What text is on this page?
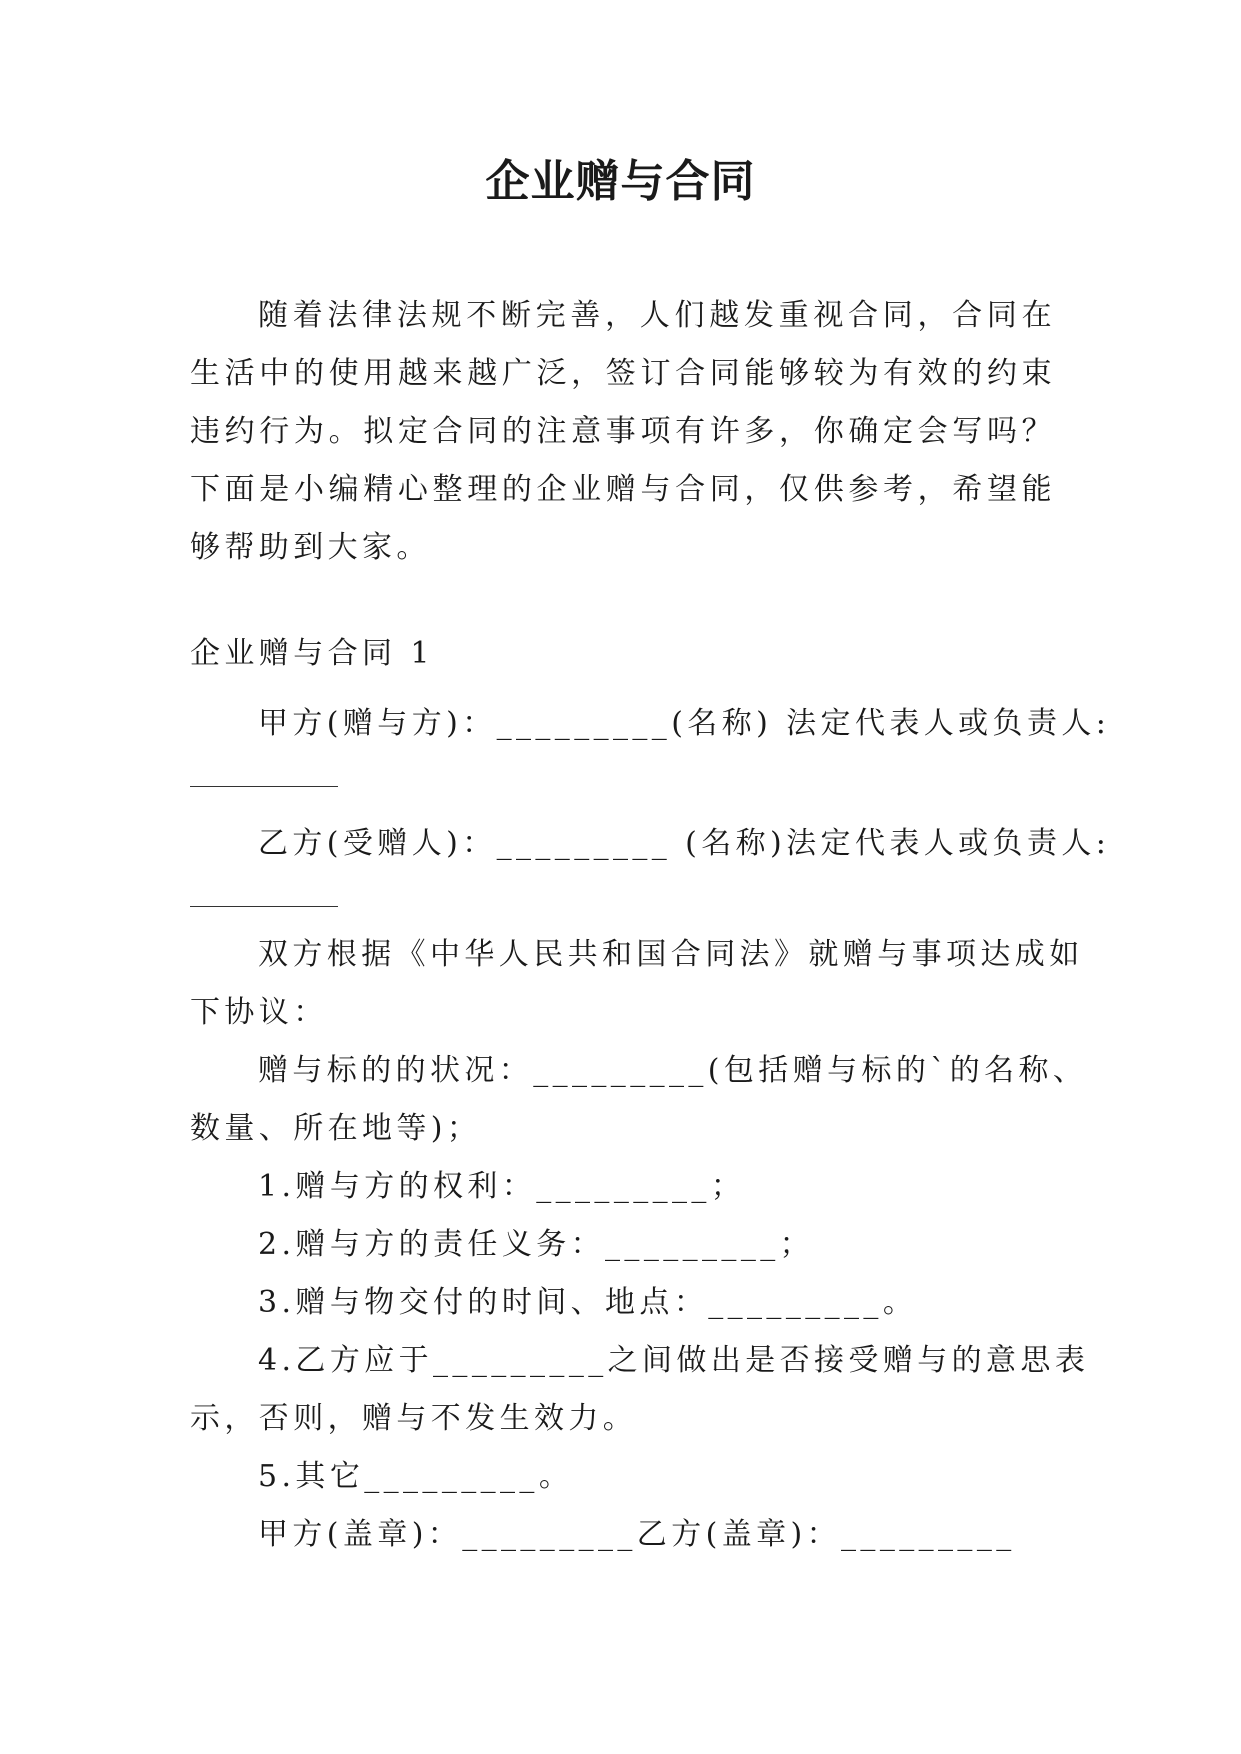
企业赠与合同

随着法律法规不断完善，人们越发重视合同，合同在生活中的使用越来越广泛，签订合同能够较为有效的约束违约行为。拟定合同的注意事项有许多，你确定会写吗？下面是小编精心整理的企业赠与合同，仅供参考，希望能够帮助到大家。

企业赠与合同 1

甲方(赠与方)：_________(名称) 法定代表人或负责人:

乙方(受赠人)：_________ (名称)法定代表人或负责人:

双方根据《中华人民共和国合同法》就赠与事项达成如

下协议：

赠与标的的状况：_________(包括赠与标的`的名称、

数量、所在地等)；

1.赠与方的权利：_________；

2.赠与方的责任义务：_________；

3.赠与物交付的时间、地点：_________。

4.乙方应于_________之间做出是否接受赠与的意思表

示，否则，赠与不发生效力。

5.其它_________。

甲方(盖章)：_________乙方(盖章)：_________
